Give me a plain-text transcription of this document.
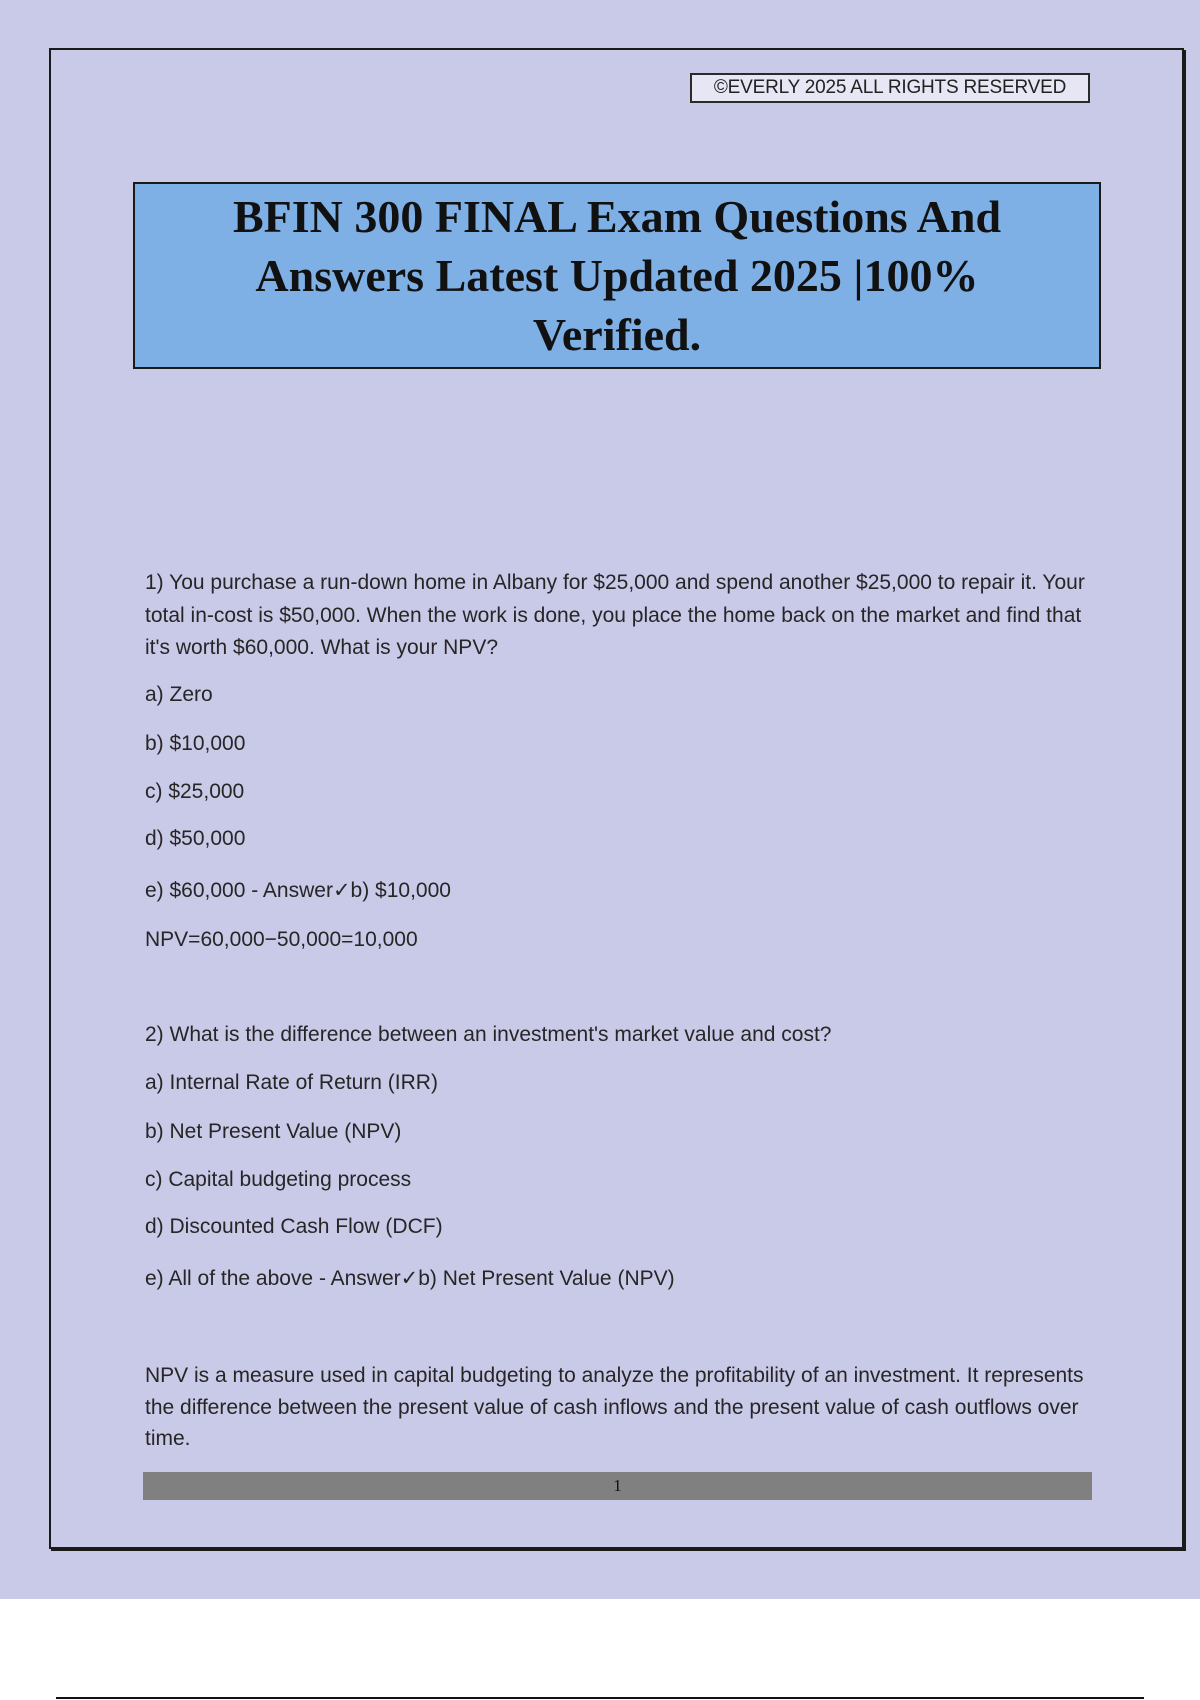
©EVERLY 2025 ALL RIGHTS RESERVED
BFIN 300 FINAL Exam Questions And Answers Latest Updated 2025 |100% Verified.

1) You purchase a run-down home in Albany for $25,000 and spend another $25,000 to repair it. Your total in-cost is $50,000. When the work is done, you place the home back on the market and find that it's worth $60,000. What is your NPV?

a) Zero
b) $10,000
c) $25,000
d) $50,000
e) $60,000 - Answer✓b) $10,000
NPV=60,000−50,000=10,000
2) What is the difference between an investment's market value and cost?
a) Internal Rate of Return (IRR)
b) Net Present Value (NPV)
c) Capital budgeting process
d) Discounted Cash Flow (DCF)
e) All of the above - Answer✓b) Net Present Value (NPV)

NPV is a measure used in capital budgeting to analyze the profitability of an investment. It represents the difference between the present value of cash inflows and the present value of cash outflows over time.

1
